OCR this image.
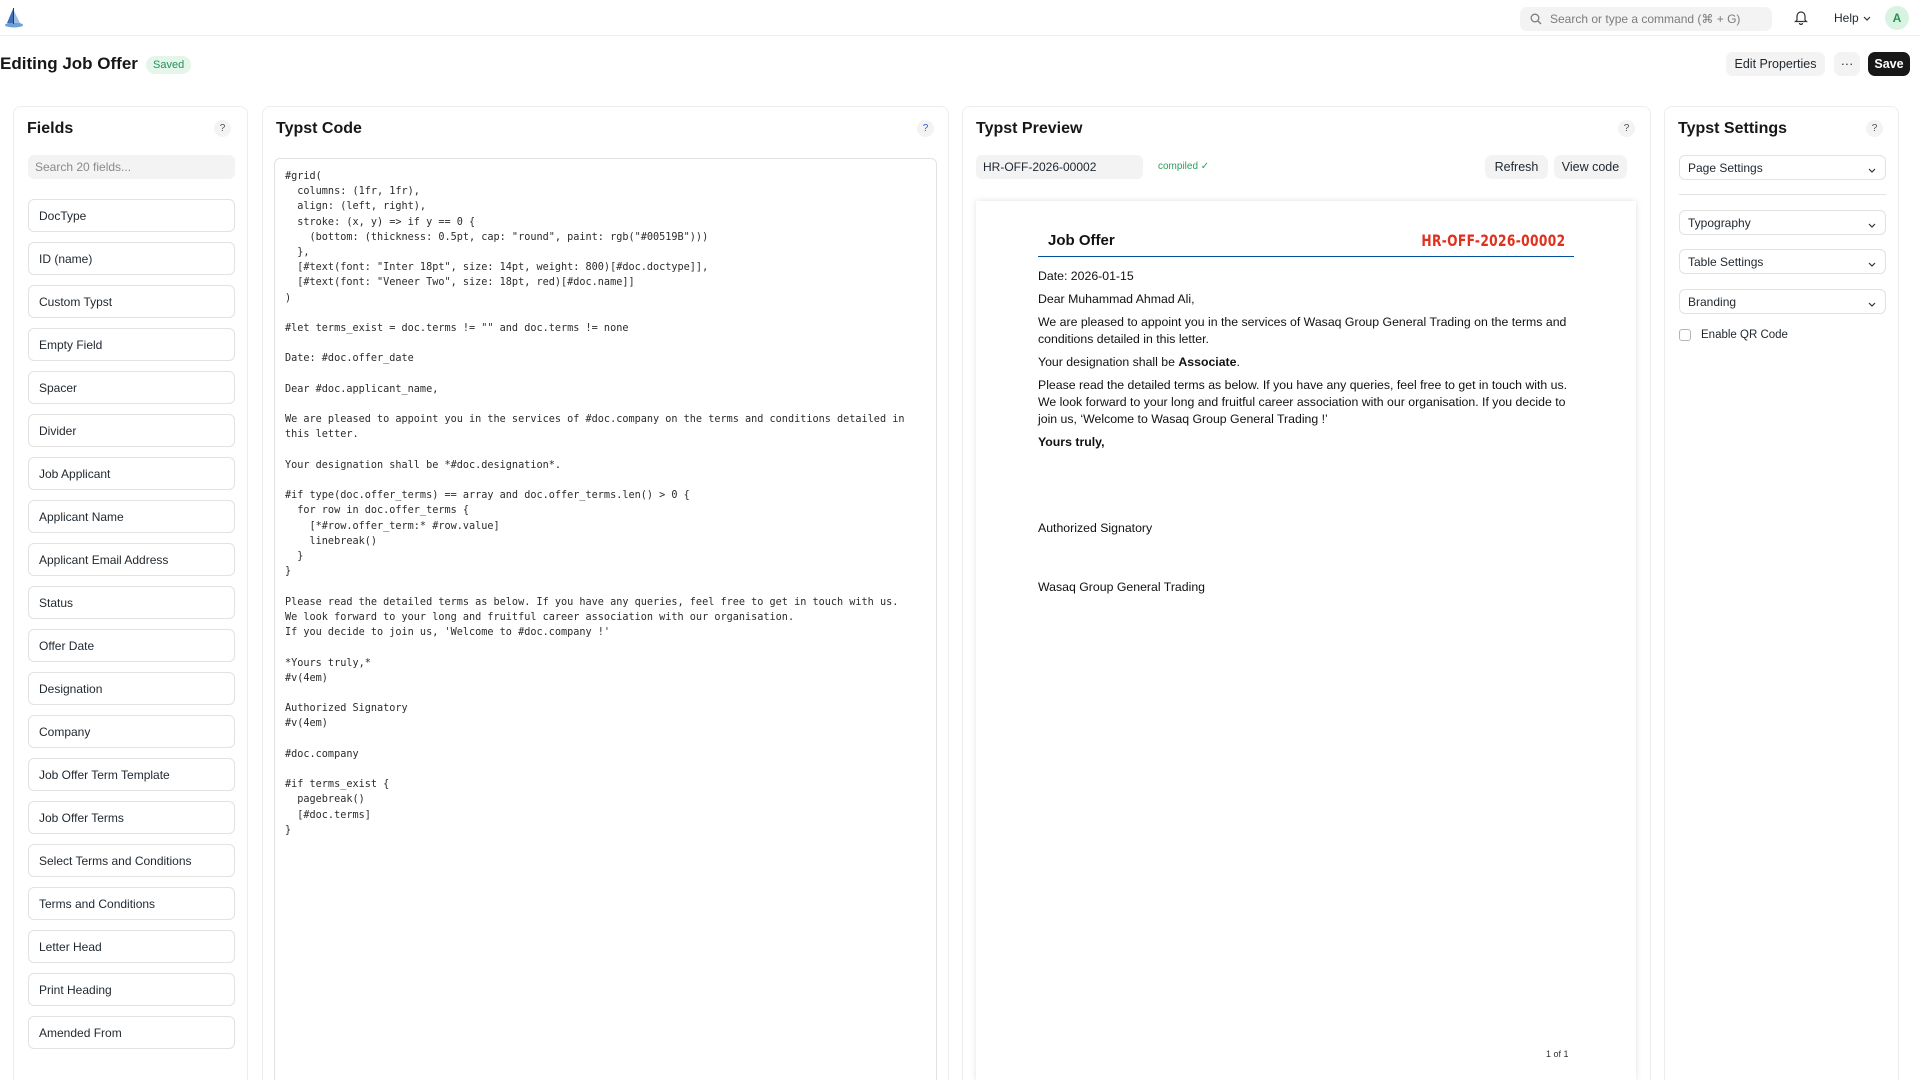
Search or type a command (⌘ + G)	Help	A
Editing Job Offer	Saved	Edit Properties	···	Save
Fields	?
Search 20 fields...
DocType
ID (name)
Custom Typst
Empty Field
Spacer
Divider
Job Applicant
Applicant Name
Applicant Email Address
Status
Offer Date
Designation
Company
Job Offer Term Template
Job Offer Terms
Select Terms and Conditions
Terms and Conditions
Letter Head
Print Heading
Amended From
Typst Code	?
#grid(
columns: (1fr, 1fr),
align: (left, right),
stroke: (x, y) => if y == 0 {
(bottom: (thickness: 0.5pt, cap: "round", paint: rgb("#00519B")))
},
[#text(font: "Inter 18pt", size: 14pt, weight: 800)[#doc.doctype]],
[#text(font: "Veneer Two", size: 18pt, red)[#doc.name]]
)

#let terms_exist = doc.terms != "" and doc.terms != none

Date: #doc.offer_date

Dear #doc.applicant_name,

We are pleased to appoint you in the services of #doc.company on the terms and conditions detailed in
this letter.

Your designation shall be *#doc.designation*.

#if type(doc.offer_terms) == array and doc.offer_terms.len() > 0 {
for row in doc.offer_terms {
[*#row.offer_term:* #row.value]
linebreak()
}
}

Please read the detailed terms as below. If you have any queries, feel free to get in touch with us.
We look forward to your long and fruitful career association with our organisation.
If you decide to join us, 'Welcome to #doc.company !'

*Yours truly,*
#v(4em)

Authorized Signatory
#v(4em)

#doc.company

#if terms_exist {
pagebreak()
[#doc.terms]
}
Typst Preview	?
HR-OFF-2026-00002	compiled ✓	Refresh	View code
Job Offer	HR-OFF-2026-00002

Date: 2026-01-15

Dear Muhammad Ahmad Ali,

We are pleased to appoint you in the services of Wasaq Group General Trading on the terms and conditions detailed in this letter.

Your designation shall be Associate.

Please read the detailed terms as below. If you have any queries, feel free to get in touch with us. We look forward to your long and fruitful career association with our organisation. If you decide to join us, ‘Welcome to Wasaq Group General Trading !’

Yours truly,

Authorized Signatory
Wasaq Group General Trading
1 of 1
Typst Settings	?
Page Settings
Typography
Table Settings
Branding
Enable QR Code
